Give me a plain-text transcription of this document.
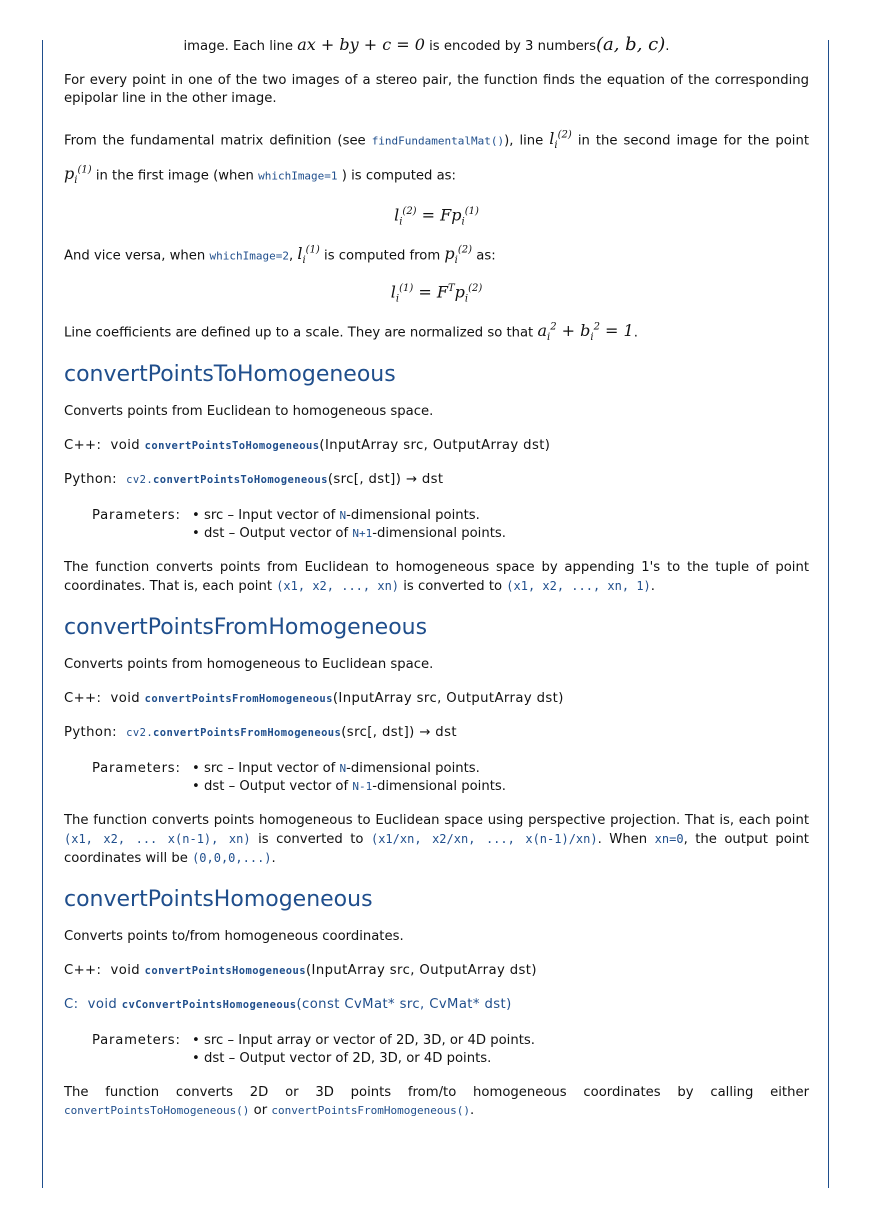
image. Each line ax + by + c = 0 is encoded by 3 numbers(a, b, c).

For every point in one of the two images of a stereo pair, the function finds the equation of the corresponding epipolar line in the other image.

From the fundamental matrix definition (see findFundamentalMat()), line $l_i^{(2)}$ in the second image for the point $p_i^{(1)}$ in the first image (when whichImage=1 ) is computed as:

$l_i^{(2)} = Fp_i^{(1)}$

And vice versa, when whichImage=2, $l_i^{(1)}$ is computed from $p_i^{(2)}$ as:

$l_i^{(1)} = F^Tp_i^{(2)}$

Line coefficients are defined up to a scale. They are normalized so that $a_i^2 + b_i^2 = 1$.

convertPointsToHomogeneous

Converts points from Euclidean to homogeneous space.

C++: void convertPointsToHomogeneous(InputArray src, OutputArray dst)

Python: cv2.convertPointsToHomogeneous(src[, dst]) → dst

Parameters:	• src – Input vector of N-dimensional points.
• dst – Output vector of N+1-dimensional points.

The function converts points from Euclidean to homogeneous space by appending 1's to the tuple of point coordinates. That is, each point (x1, x2, ..., xn) is converted to (x1, x2, ..., xn, 1).

convertPointsFromHomogeneous

Converts points from homogeneous to Euclidean space.

C++: void convertPointsFromHomogeneous(InputArray src, OutputArray dst)

Python: cv2.convertPointsFromHomogeneous(src[, dst]) → dst

Parameters:	• src – Input vector of N-dimensional points.
• dst – Output vector of N-1-dimensional points.

The function converts points homogeneous to Euclidean space using perspective projection. That is, each point (x1, x2, ... x(n-1), xn) is converted to (x1/xn, x2/xn, ..., x(n-1)/xn). When xn=0, the output point coordinates will be (0,0,0,...).

convertPointsHomogeneous

Converts points to/from homogeneous coordinates.

C++: void convertPointsHomogeneous(InputArray src, OutputArray dst)

C: void cvConvertPointsHomogeneous(const CvMat* src, CvMat* dst)

Parameters:	• src – Input array or vector of 2D, 3D, or 4D points.
• dst – Output vector of 2D, 3D, or 4D points.

The function converts 2D or 3D points from/to homogeneous coordinates by calling either convertPointsToHomogeneous() or convertPointsFromHomogeneous().
